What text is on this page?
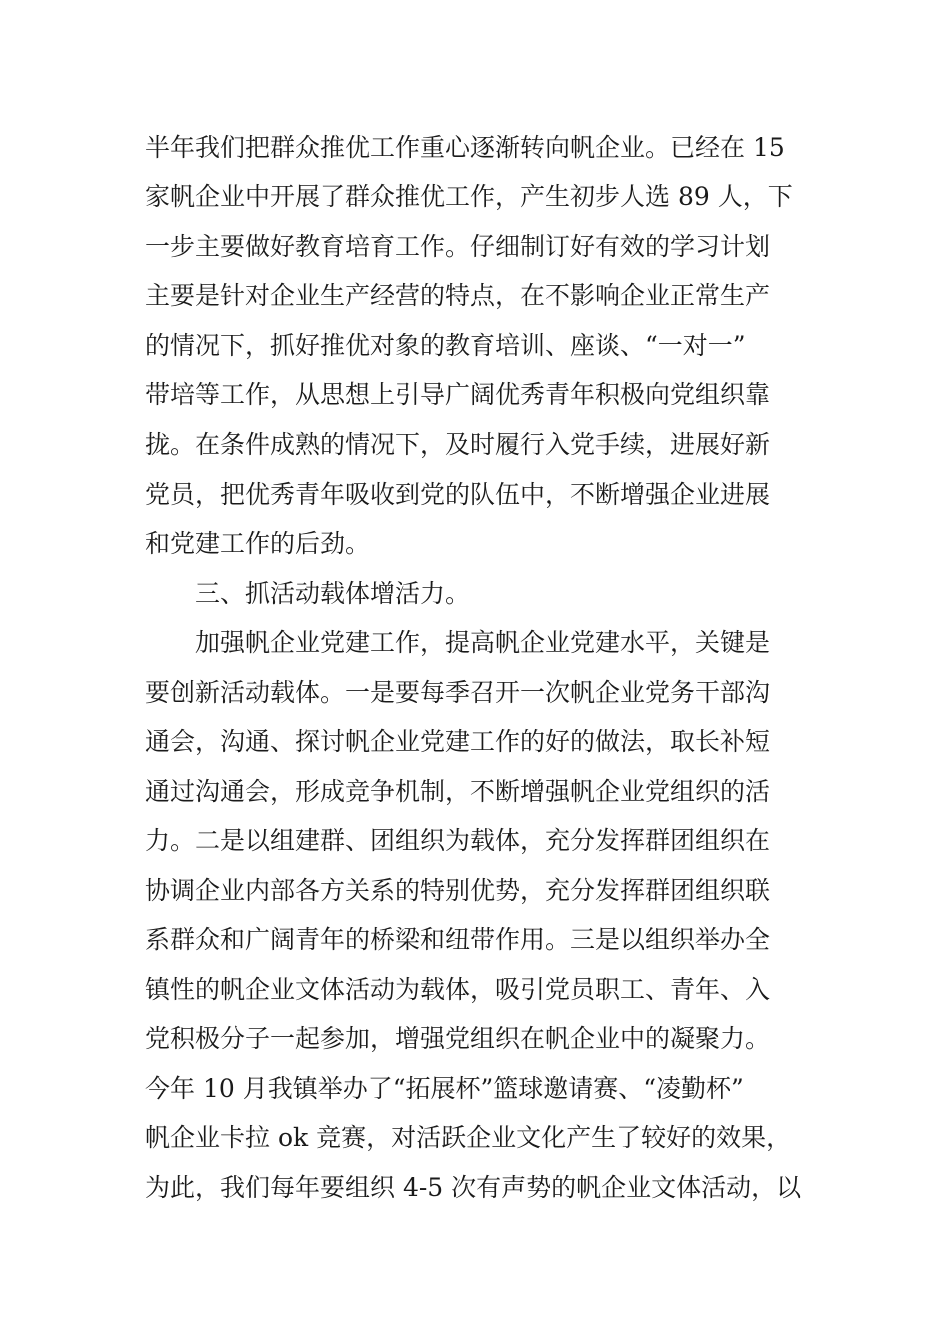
半年我们把群众推优工作重心逐渐转向帆企业。已经在 15
家帆企业中开展了群众推优工作，产生初步人选 89 人，下
一步主要做好教育培育工作。仔细制订好有效的学习计划
主要是针对企业生产经营的特点，在不影响企业正常生产
的情况下，抓好推优对象的教育培训、座谈、“一对一”
带培等工作，从思想上引导广阔优秀青年积极向党组织靠
拢。在条件成熟的情况下，及时履行入党手续，进展好新
党员，把优秀青年吸收到党的队伍中，不断增强企业进展
和党建工作的后劲。
三、抓活动载体增活力。
加强帆企业党建工作，提高帆企业党建水平，关键是
要创新活动载体。一是要每季召开一次帆企业党务干部沟
通会，沟通、探讨帆企业党建工作的好的做法，取长补短
通过沟通会，形成竞争机制，不断增强帆企业党组织的活
力。二是以组建群、团组织为载体，充分发挥群团组织在
协调企业内部各方关系的特别优势，充分发挥群团组织联
系群众和广阔青年的桥梁和纽带作用。三是以组织举办全
镇性的帆企业文体活动为载体，吸引党员职工、青年、入
党积极分子一起参加，增强党组织在帆企业中的凝聚力。
今年 10 月我镇举办了“拓展杯”篮球邀请赛、“凌勤杯”
帆企业卡拉 ok 竞赛，对活跃企业文化产生了较好的效果，
为此，我们每年要组织 4-5 次有声势的帆企业文体活动，以
